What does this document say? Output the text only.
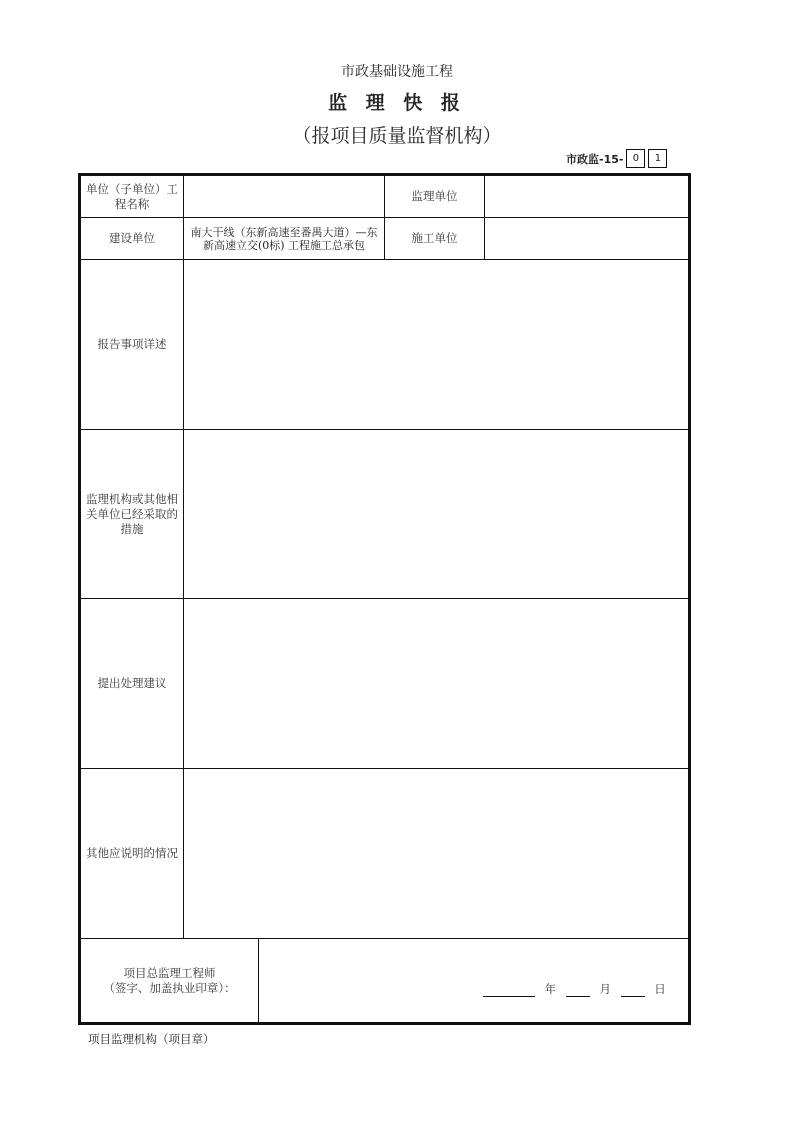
市政基础设施工程
监 理 快 报
（报项目质量监督机构）
市政监-15- 0	1
单位（子单位）工程名称			监理单位	
建设单位	南大干线（东新高速至番禺大道）—东新高速立交(0标) 工程施工总承包		施工单位	
报告事项详述				
监理机构或其他相关单位已经采取的措施				
提出处理建议				
其他应说明的情况				

项目总监理工程师
（签字、加盖执业印章）：		年 月 日		
项目监理机构（项目章）
